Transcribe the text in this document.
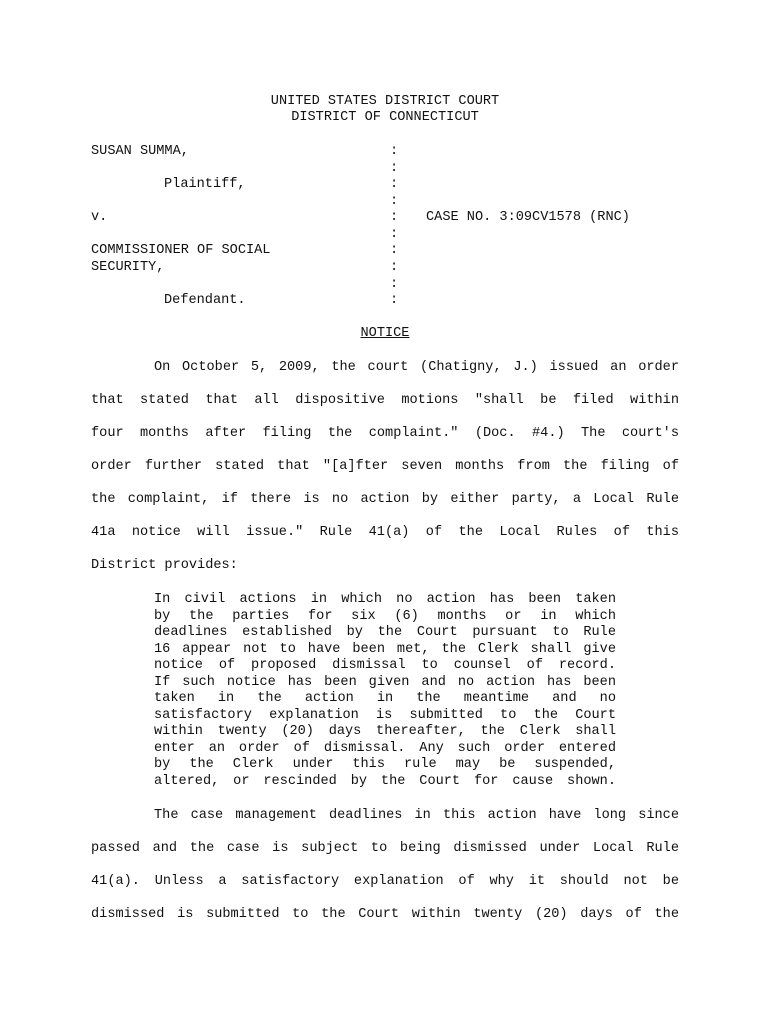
UNITED STATES DISTRICT COURT
DISTRICT OF CONNECTICUT
SUSAN SUMMA,
Plaintiff,
v.
COMMISSIONER OF SOCIAL
SECURITY,
Defendant.
:
:
:
:
:
:
:
:
:
:
CASE NO. 3:09CV1578 (RNC)
NOTICE
On October 5, 2009, the court (Chatigny, J.) issued an order
that stated that all dispositive motions "shall be filed within
four months after filing the complaint." (Doc. #4.) The court's
order further stated that "[a]fter seven months from the filing of
the complaint, if there is no action by either party, a Local Rule
41a notice will issue." Rule 41(a) of the Local Rules of this
District provides:
In civil actions in which no action has been taken
by the parties for six (6) months or in which
deadlines established by the Court pursuant to Rule
16 appear not to have been met, the Clerk shall give
notice of proposed dismissal to counsel of record.
If such notice has been given and no action has been
taken in the action in the meantime and no
satisfactory explanation is submitted to the Court
within twenty (20) days thereafter, the Clerk shall
enter an order of dismissal. Any such order entered
by the Clerk under this rule may be suspended,
altered, or rescinded by the Court for cause shown.
The case management deadlines in this action have long since
passed and the case is subject to being dismissed under Local Rule
41(a). Unless a satisfactory explanation of why it should not be
dismissed is submitted to the Court within twenty (20) days of the
